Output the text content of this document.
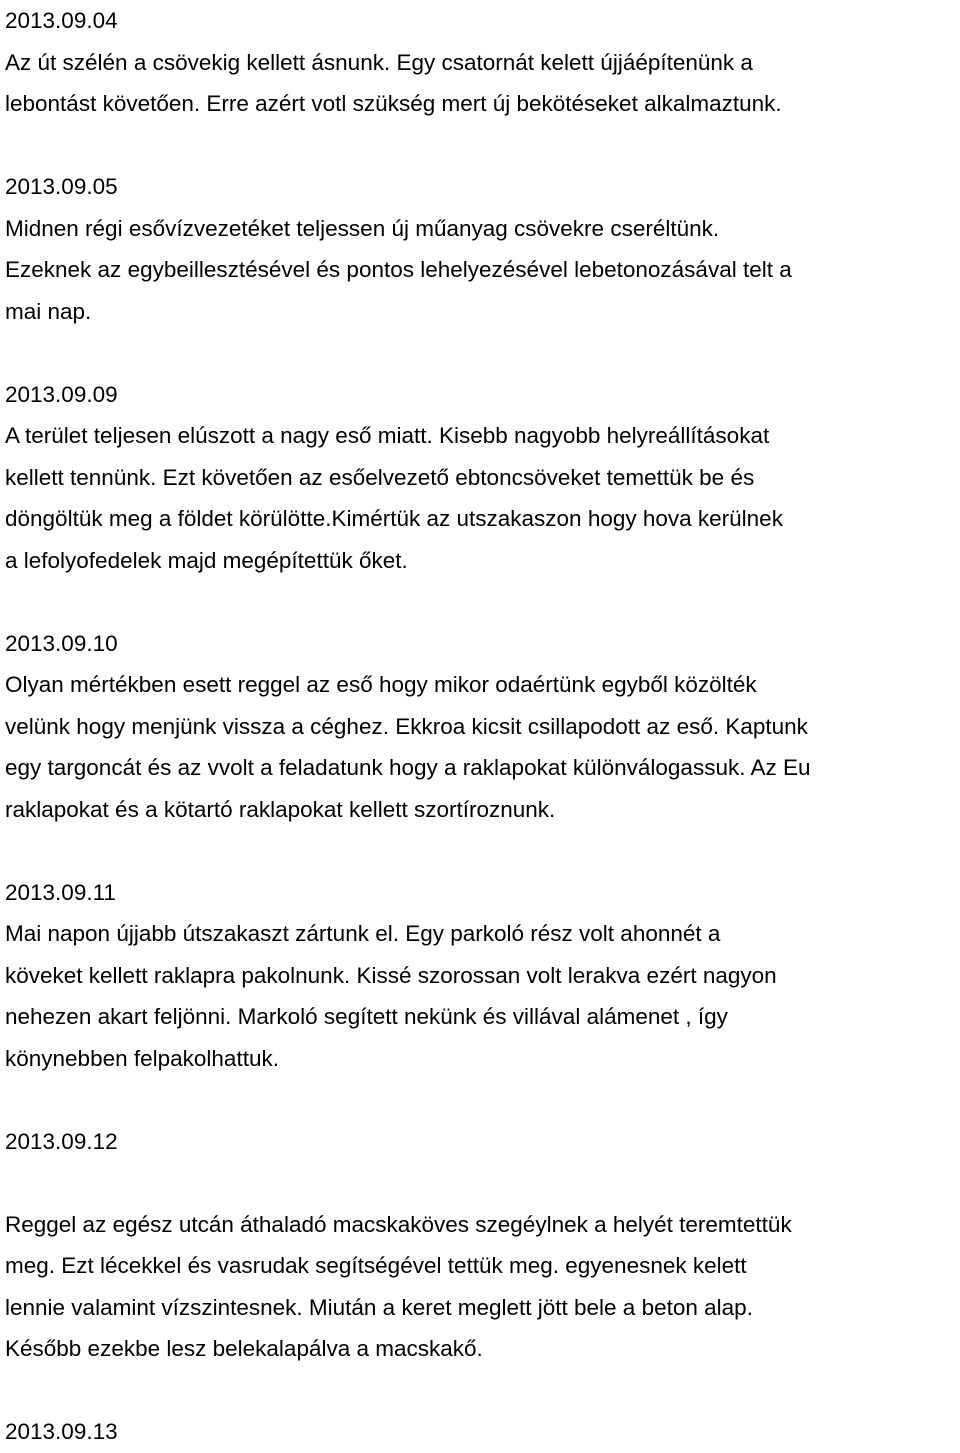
2013.09.04
Az út szélén a csövekig kellett ásnunk. Egy csatornát kelett újjáépítenünk a
lebontást követően. Erre azért votl szükség mert új bekötéseket alkalmaztunk.
2013.09.05
Midnen régi esővízvezetéket teljessen új műanyag csövekre cseréltünk.
Ezeknek az egybeillesztésével és pontos lehelyezésével lebetonozásával telt a
mai nap.
2013.09.09
A terület teljesen elúszott a nagy eső miatt. Kisebb nagyobb helyreállításokat
kellett tennünk. Ezt követően az esőelvezető ebtoncsöveket temettük be és
döngöltük meg a földet körülötte.Kimértük az utszakaszon hogy hova kerülnek
a lefolyofedelek majd megépítettük őket.
2013.09.10
Olyan mértékben esett reggel az eső hogy mikor odaértünk egyből közölték
velünk hogy menjünk vissza a céghez. Ekkroa kicsit csillapodott az eső. Kaptunk
egy targoncát és az vvolt a feladatunk hogy a raklapokat különválogassuk. Az Eu
raklapokat és a kötartó raklapokat kellett szortíroznunk.
2013.09.11
Mai napon újjabb útszakaszt zártunk el. Egy parkoló rész volt ahonnét a
köveket kellett raklapra pakolnunk. Kissé szorossan volt lerakva ezért nagyon
nehezen akart feljönni. Markoló segített nekünk és villával alámenet , így
könynebben felpakolhattuk.
2013.09.12
Reggel az egész utcán áthaladó macskaköves szegéylnek a helyét teremtettük
meg. Ezt lécekkel és vasrudak segítségével tettük meg. egyenesnek kelett
lennie valamint vízszintesnek. Miután a keret meglett jött bele a beton alap.
Később ezekbe lesz belekalapálva a macskakő.
2013.09.13
